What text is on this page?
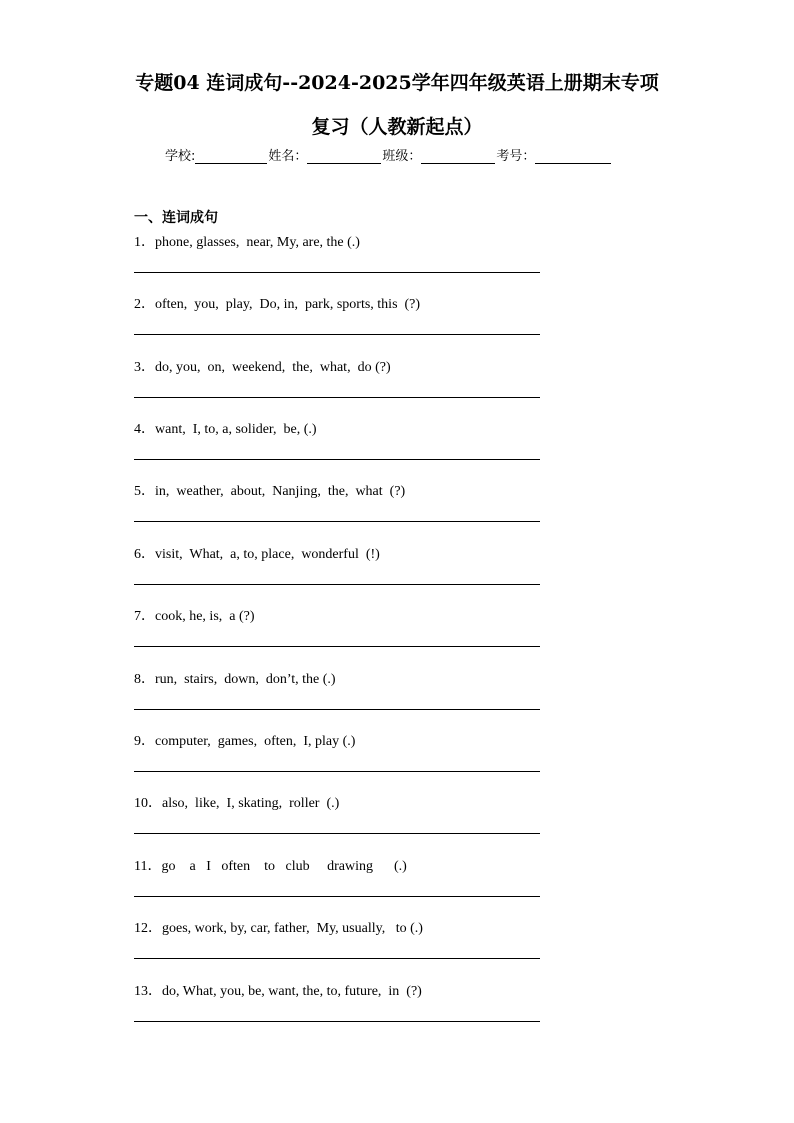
专题04 连词成句--2024-2025学年四年级英语上册期末专项
复习（人教新起点）
学校:	姓名：	班级：	考号：
一、连词成句
1．phone, glasses,  near, My, are, the (.)
2．often,  you,  play,  Do, in,  park, sports, this  (?)
3．do, you,  on,  weekend,  the,  what,  do (?)
4．want,  I, to, a, solider,  be, (.)
5．in,  weather,  about,  Nanjing,  the,  what  (?)
6．visit,  What,  a, to, place,  wonderful  (!)
7．cook, he, is,  a (?)
8．run,  stairs,  down,  don’t, the (.)
9．computer,  games,  often,  I, play (.)
10．also,  like,  I, skating,  roller  (.)
11．go    a   I   often    to   club     drawing      (.)
12．goes, work, by, car, father,  My, usually,   to (.)
13．do, What, you, be, want, the, to, future,  in  (?)
